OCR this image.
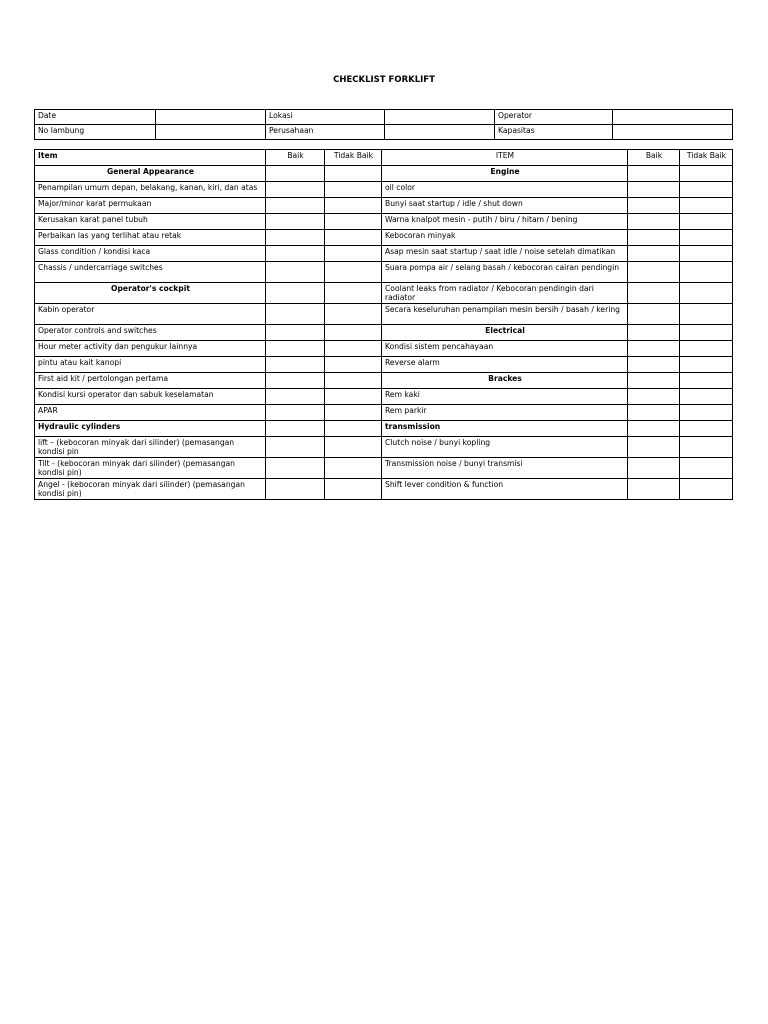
CHECKLIST FORKLIFT
Date		Lokasi		Operator	
No lambung		Perusahaan		Kapasitas	
Item	Baik	Tidak Baik	ITEM	Baik	Tidak Baik
General Appearance			Engine		
Penampilan umum depan, belakang, kanan, kiri, dan atas			oil color		
Major/minor karat permukaan			Bunyi saat startup / idle / shut down		
Kerusakan karat panel tubuh			Warna knalpot mesin - putih / biru / hitam / bening		
Perbaikan las yang terlihat atau retak			Kebocoran minyak		
Glass condition / kondisi kaca			Asap mesin saat startup / saat idle / noise setelah dimatikan		
Chassis / undercarriage switches			Suara pompa air / selang basah / kebocoran cairan pendingin		
Operator's cockpit			Coolant leaks from radiator / Kebocoran pendingin dari radiator		
Kabin operator			Secara keseluruhan penampilan mesin bersih / basah / kering		
Operator controls and switches			Electrical		
Hour meter activity dan pengukur lainnya			Kondisi sistem pencahayaan		
pintu atau kait kanopi			Reverse alarm		
First aid kit / pertolongan pertama			Brackes		
Kondisi kursi operator dan sabuk keselamatan			Rem kaki		
APAR			Rem parkir		
Hydraulic cylinders			transmission		
lift – (kebocoran minyak dari silinder) (pemasangan kondisi pin			Clutch noise / bunyi kopling		
Tilt - (kebocoran minyak dari silinder) (pemasangan kondisi pin)			Transmission noise / bunyi transmisi		
Angel - (kebocoran minyak dari silinder) (pemasangan kondisi pin)			Shift lever condition & function		
